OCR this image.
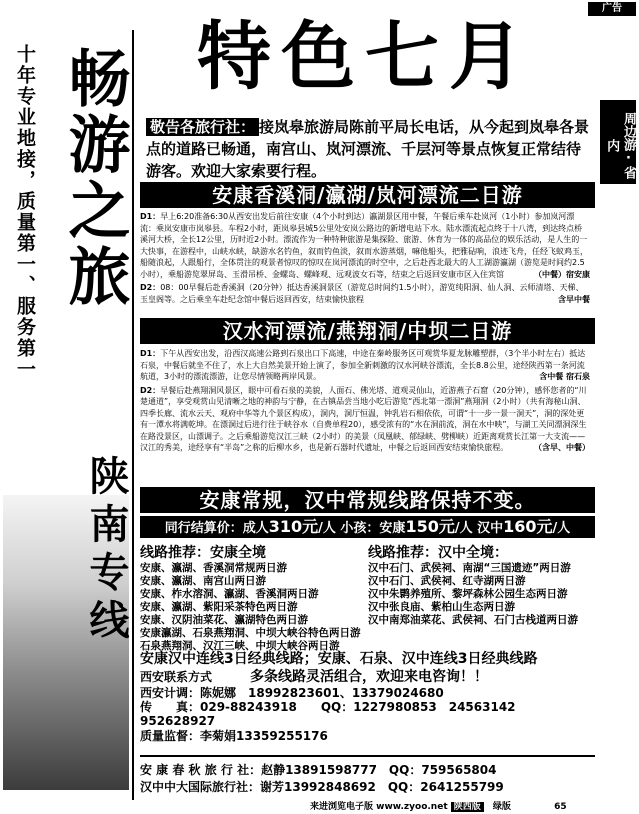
广告
十年专业地接，质量第一、服务第一 畅游之旅
陕南专线
周边游·省内
特色七月
敬告各旅行社： 接岚皋旅游局陈前平局长电话，从今起到岚皋各景点的道路已畅通，南宫山、岚河漂流、千层河等景点恢复正常结待游客。欢迎大家索要行程。
安康香溪洞/瀛湖/岚河漂流二日游
D1：早上6:20准备6:30从西安出发后前往安康（4个小时到达）瀛湖景区用中餐，午餐后乘车赴岚河（1小时）参加岚河漂流：乘岚安康市岚皋县。车程2小时，距岚皋县城5公里处安岚公路边的新增电站下水。陆水漂流起点终于十八湾，到达终点桥溪河大桥，全长12公里，历时近2小时。漂流作为一种特种旅游是集探险、旅游、休育为一体的高品位的娱乐活动，是人生的一大快事，在游程中，山峡水峡，缺游水名钓鱼，叙而钓鱼淡，叙而水游蒸烟，嘛他船头，把雅砧响，浪迹飞舟，任经飞蚁鸡玉，船随浪起，人跟船行，全体贯注的观景者惊叹的惊叹在岚河漂流的时空中，之后赴西北最大的人工湖游瀛湖（游览是时间约2.5小时），乘船游览翠屏岛、玉滑吊桥、金螺岛、螺峰观、远观波女石等，结束之后返回安康市区入住宾馆	（中餐）宿安康
D2：08：00早餐后赴香溪洞（20分钟）抵达香溪洞景区（游览总时间约1.5小时），游览纯阳洞、仙人洞、云师清塔、天梯、玉皇阁等。之后乘坐车赴纪念馆中餐后返回西安，结束愉快旅程	含早中餐
汉水河漂流/燕翔洞/中坝二日游
D1：下午从西安出发，沿西汉高速公路到石泉出口下高速，中途在秦岭服务区可观赏华夏龙脉雕塑群，（3个半小时左右）抵达石泉，中餐后就坐不住了，水上大自然美景开始上演了，参加全新刺激的汉水河峡谷漂流，全长8.8公里，途经陕西第一条河流航道，3小时的漂流漂游，让您尽情领略两岸风景。	含中餐 宿石泉
D2：早餐后赴燕翔洞风景区，眼中可看石泉的美貌，人面石、佛光塔、道观灵仙山，近游燕子石窟（20分钟），感怀您者的“川楚通道”，享受观赏山见清晰之地的神韵与宁静，在古镇品尝当地小吃后游览“西北第一漂洞”燕翔洞（2小时）（共有海秘山洞、四季长廊、流水云天、观府中华等九个景区构成），洞内，洞厅恒温，钟乳岩石相依依，可谓“十一步一景一洞天”，洞的深处更有一潭水将满乾坤。在漂洞过后进行往于峡谷水（自费单程20），感受浓有的“水在洞前流，洞在水中映”，与湖工关同漂洞深生在路没景区，山漂调子。之后乘船游览汉江三峡（2小时）的美景（凤凰峡、郁绿峡、劈柳峡）近距离观赏长江第一大支流——汉江的秀美，途经享有“半岛”之称的后柳水乡，也是新石器时代遗址，中餐之后返回西安结束愉快旅程。	（含早、中餐）
安康常规，汉中常规线路保持不变。
同行结算价：成人310元/人 小孩：安康150元/人 汉中160元/人
线路推荐：安康全境
安康、瀛湖、香溪洞常规两日游
安康、瀛湖、南宫山两日游
安康、柞水溶洞、瀛湖、香溪洞两日游
安康、瀛湖、紫阳采茶特色两日游
安康、汉阴油菜花、瀛湖特色两日游
安康瀛湖、石泉燕翔洞、中坝大峡谷特色两日游
石泉燕翔洞、汉江三峡、中坝大峡谷两日游
线路推荐：汉中全境：
汉中石门、武侯祠、南湖“三国遗迹”两日游
汉中石门、武侯祠、红寺湖两日游
汉中朱鹮养殖所、黎坪森林公园生态两日游
汉中张良庙、紫柏山生态两日游
汉中南郑油菜花、武侯祠、石门古栈道两日游
安康汉中连线3日经典线路；安康、石泉、汉中连线3日经典线路
西安联系方式	多条线路灵活组合，欢迎来电咨询！！
西安计调：陈妮娜　18992823601、13379024680
传　　真：029-88243918　　QQ：1227980853　24563142　952628927
质量监督：李菊娟13359255176
安 康 春 秋 旅 行 社：赵静13891598777　QQ：759565804
汉中中大国际旅行社：谢芳13992848692　QQ：2641255799
来进浏览电子版 www.zyoo.net 陕西版 绿版	65
